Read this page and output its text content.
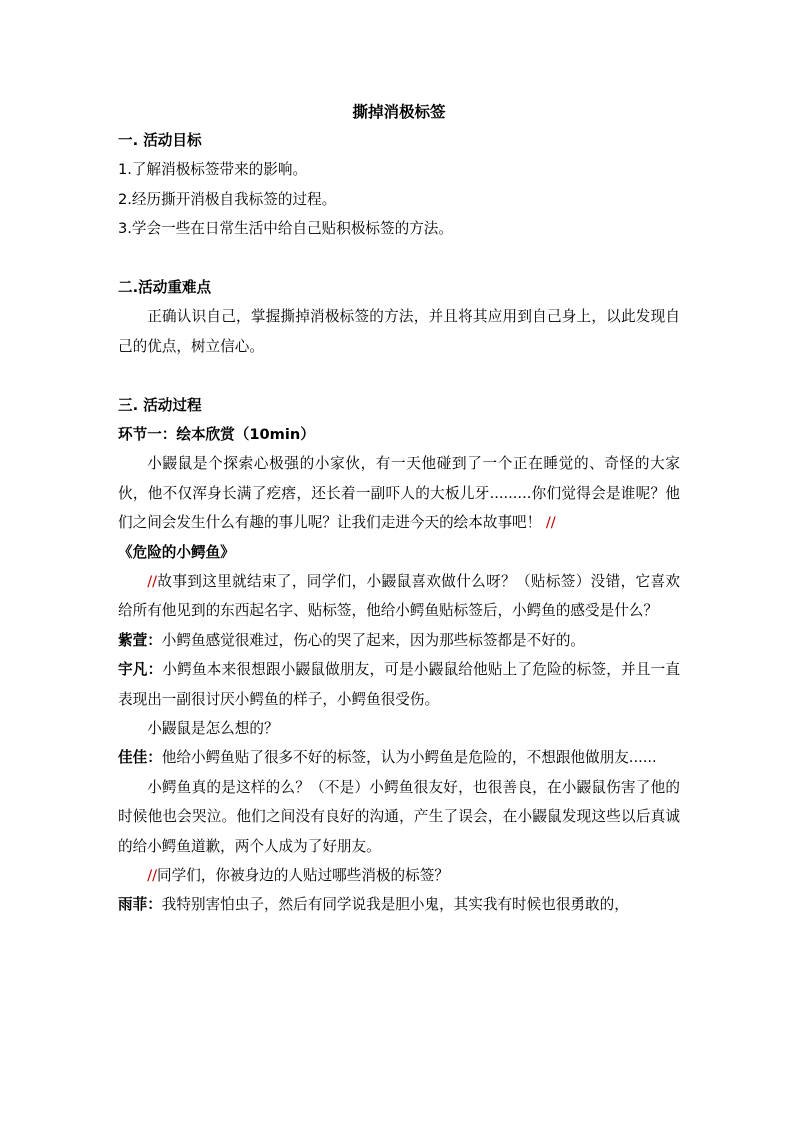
撕掉消极标签
一. 活动目标
1.了解消极标签带来的影响。
2.经历撕开消极自我标签的过程。
3.学会一些在日常生活中给自己贴积极标签的方法。
二.活动重难点

正确认识自己，掌握撕掉消极标签的方法，并且将其应用到自己身上，以此发现自己的优点，树立信心。

三. 活动过程
环节一：绘本欣赏（10min）

小鼹鼠是个探索心极强的小家伙，有一天他碰到了一个正在睡觉的、奇怪的大家伙，他不仅浑身长满了疙瘩，还长着一副吓人的大板儿牙.........你们觉得会是谁呢？他们之间会发生什么有趣的事儿呢？让我们走进今天的绘本故事吧！ //

《危险的小鳄鱼》

//故事到这里就结束了，同学们，小鼹鼠喜欢做什么呀？（贴标签）没错，它喜欢给所有他见到的东西起名字、贴标签，他给小鳄鱼贴标签后，小鳄鱼的感受是什么？

紫萱：小鳄鱼感觉很难过，伤心的哭了起来，因为那些标签都是不好的。

宇凡：小鳄鱼本来很想跟小鼹鼠做朋友，可是小鼹鼠给他贴上了危险的标签，并且一直表现出一副很讨厌小鳄鱼的样子，小鳄鱼很受伤。

小鼹鼠是怎么想的？

佳佳：他给小鳄鱼贴了很多不好的标签，认为小鳄鱼是危险的，不想跟他做朋友......

小鳄鱼真的是这样的么？（不是）小鳄鱼很友好，也很善良，在小鼹鼠伤害了他的时候他也会哭泣。他们之间没有良好的沟通，产生了误会，在小鼹鼠发现这些以后真诚的给小鳄鱼道歉，两个人成为了好朋友。

//同学们，你被身边的人贴过哪些消极的标签？

雨菲：我特别害怕虫子，然后有同学说我是胆小鬼，其实我有时候也很勇敢的，
